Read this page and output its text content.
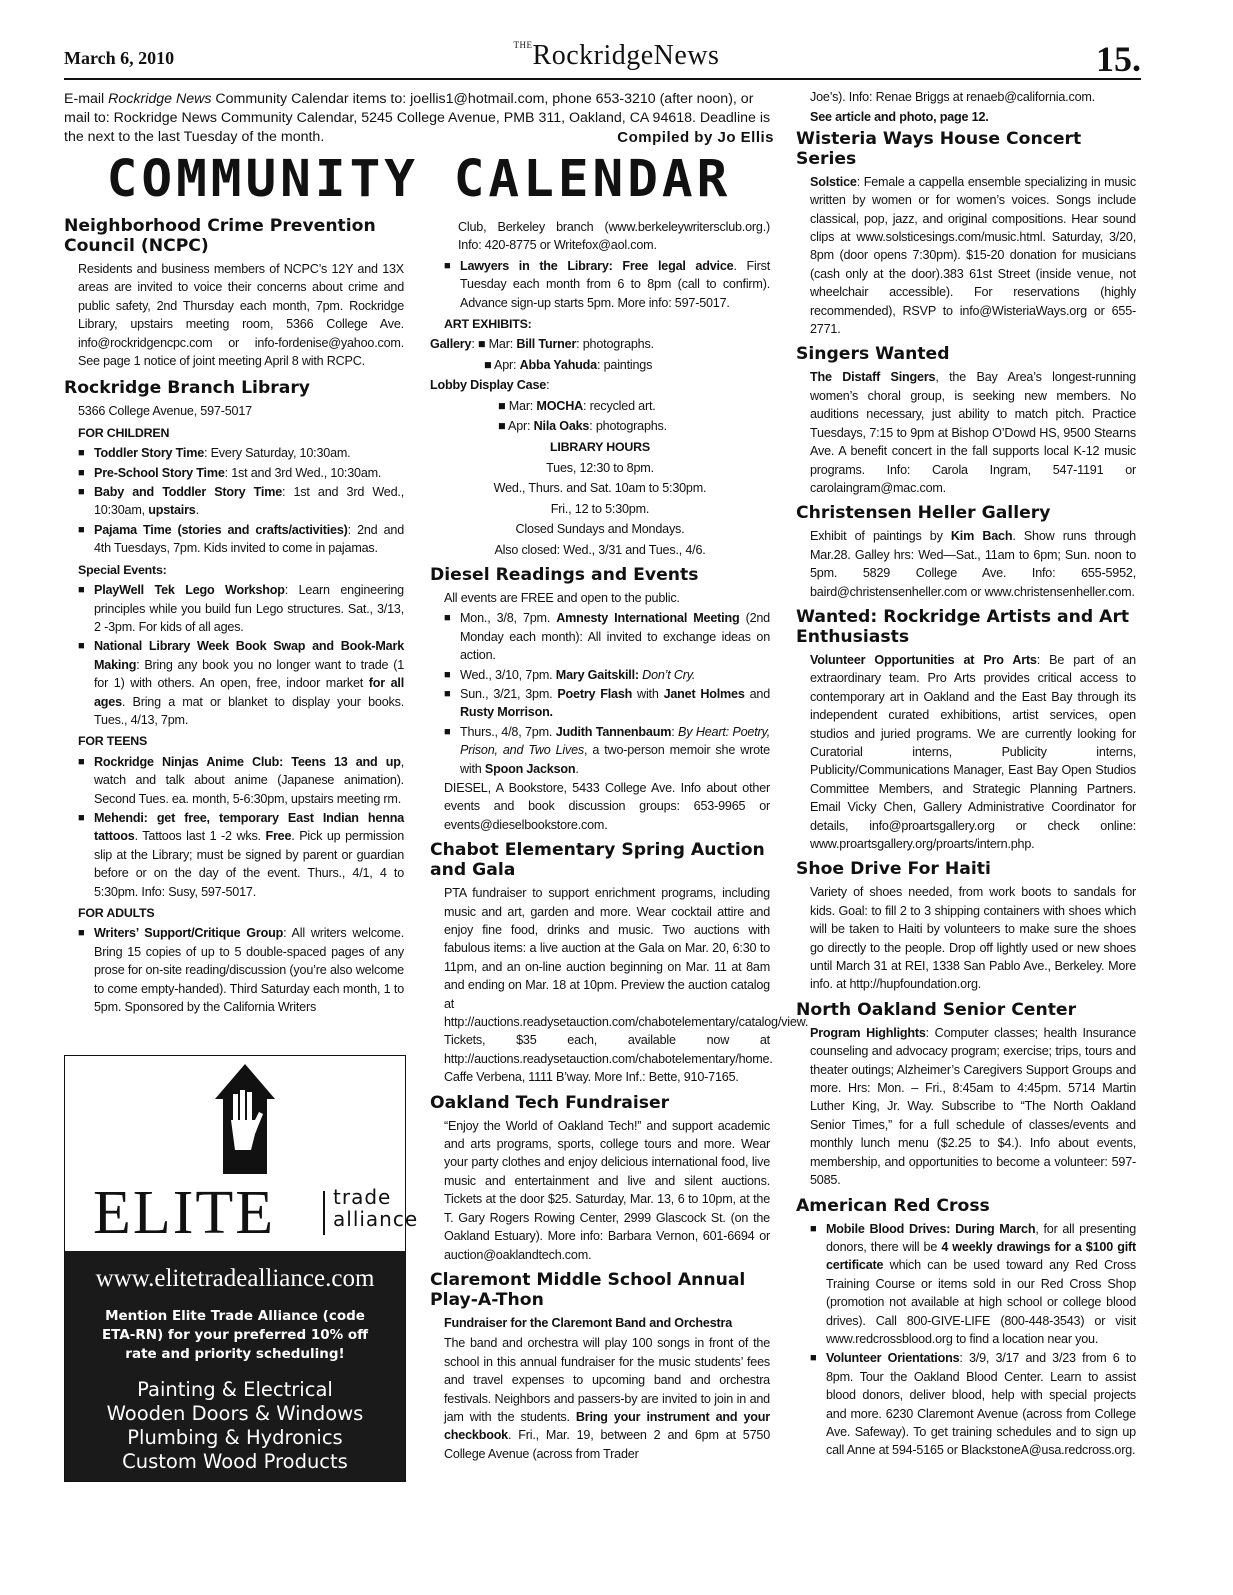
March 6, 2010
$^{THE}$RockridgeNews	15.
E-mail Rockridge News Community Calendar items to: joellis1@hotmail.com, phone 653-3210 (after noon), or mail to: Rockridge News Community Calendar, 5245 College Avenue, PMB 311, Oakland, CA 94618. Deadline is the next to the last Tuesday of the month.	Compiled by Jo Ellis
COMMUNITY CALENDAR
Neighborhood Crime Prevention Council (NCPC)

Residents and business members of NCPC’s 12Y and 13X areas are invited to voice their concerns about crime and public safety, 2nd Thursday each month, 7pm. Rockridge Library, upstairs meeting room, 5366 College Ave. info@rockridgencpc.com or info-fordenise@yahoo.com. See page 1 notice of joint meeting April 8 with RCPC.

Rockridge Branch Library

5366 College Avenue, 597-5017

FOR CHILDREN

■ Toddler Story Time: Every Saturday, 10:30am.
■ Pre-School Story Time: 1st and 3rd Wed., 10:30am.
■ Baby and Toddler Story Time: 1st and 3rd Wed., 10:30am, upstairs.
■ Pajama Time (stories and crafts/activities): 2nd and 4th Tuesdays, 7pm. Kids invited to come in pajamas.

Special Events:

■ PlayWell Tek Lego Workshop: Learn engineering principles while you build fun Lego structures. Sat., 3/13, 2 -3pm. For kids of all ages.
■ National Library Week Book Swap and Book-Mark Making: Bring any book you no longer want to trade (1 for 1) with others. An open, free, indoor market for all ages. Bring a mat or blanket to display your books. Tues., 4/13, 7pm.

FOR TEENS

■ Rockridge Ninjas Anime Club: Teens 13 and up, watch and talk about anime (Japanese animation). Second Tues. ea. month, 5-6:30pm, upstairs meeting rm.
■ Mehendi: get free, temporary East Indian henna tattoos. Tattoos last 1 -2 wks. Free. Pick up permission slip at the Library; must be signed by parent or guardian before or on the day of the event. Thurs., 4/1, 4 to 5:30pm. Info: Susy, 597-5017.

FOR ADULTS

■ Writers’ Support/Critique Group: All writers welcome. Bring 15 copies of up to 5 double-spaced pages of any prose for on-site reading/discussion (you’re also welcome to come empty-handed). Third Saturday each month, 1 to 5pm. Sponsored by the California Writers
ELITE	trade
alliance
www.elitetradealliance.com
Mention Elite Trade Alliance (code ETA-RN) for your preferred 10% off rate and priority scheduling!
Painting & Electrical
Wooden Doors & Windows
Plumbing & Hydronics
Custom Wood Products

Club, Berkeley branch (www.berkeleywritersclub.org.) Info: 420-8775 or Writefox@aol.com.

■ Lawyers in the Library: Free legal advice. First Tuesday each month from 6 to 8pm (call to confirm). Advance sign-up starts 5pm. More info: 597-5017.

ART EXHIBITS:

Gallery: ■ Mar: Bill Turner: photographs.

■ Apr: Abba Yahuda: paintings

Lobby Display Case:

■ Mar: MOCHA: recycled art.

■ Apr: Nila Oaks: photographs.

LIBRARY HOURS

Tues, 12:30 to 8pm.

Wed., Thurs. and Sat. 10am to 5:30pm.

Fri., 12 to 5:30pm.

Closed Sundays and Mondays.

Also closed: Wed., 3/31 and Tues., 4/6.

Diesel Readings and Events

All events are FREE and open to the public.

■ Mon., 3/8, 7pm. Amnesty International Meeting (2nd Monday each month): All invited to exchange ideas on action.
■ Wed., 3/10, 7pm. Mary Gaitskill: Don’t Cry.
■ Sun., 3/21, 3pm. Poetry Flash with Janet Holmes and Rusty Morrison.
■ Thurs., 4/8, 7pm. Judith Tannenbaum: By Heart: Poetry, Prison, and Two Lives, a two-person memoir she wrote with Spoon Jackson.

DIESEL, A Bookstore, 5433 College Ave. Info about other events and book discussion groups: 653-9965 or events@dieselbookstore.com.

Chabot Elementary Spring Auction and Gala

PTA fundraiser to support enrichment programs, including music and art, garden and more. Wear cocktail attire and enjoy fine food, drinks and music. Two auctions with fabulous items: a live auction at the Gala on Mar. 20, 6:30 to 11pm, and an on-line auction beginning on Mar. 11 at 8am and ending on Mar. 18 at 10pm. Preview the auction catalog at http://auctions.readysetauction.com/chabotelementary/catalog/view. Tickets, $35 each, available now at http://auctions.readysetauction.com/chabotelementary/home. Caffe Verbena, 1111 B’way. More Inf.: Bette, 910-7165.

Oakland Tech Fundraiser

“Enjoy the World of Oakland Tech!” and support academic and arts programs, sports, college tours and more. Wear your party clothes and enjoy delicious international food, live music and entertainment and live and silent auctions. Tickets at the door $25. Saturday, Mar. 13, 6 to 10pm, at the T. Gary Rogers Rowing Center, 2999 Glascock St. (on the Oakland Estuary). More info: Barbara Vernon, 601-6694 or auction@oaklandtech.com.

Claremont Middle School Annual Play-A-Thon

Fundraiser for the Claremont Band and Orchestra

The band and orchestra will play 100 songs in front of the school in this annual fundraiser for the music students’ fees and travel expenses to upcoming band and orchestra festivals. Neighbors and passers-by are invited to join in and jam with the students. Bring your instrument and your checkbook. Fri., Mar. 19, between 2 and 6pm at 5750 College Avenue (across from Trader

Joe’s). Info: Renae Briggs at renaeb@california.com.

See article and photo, page 12.

Wisteria Ways House Concert Series

Solstice: Female a cappella ensemble specializing in music written by women or for women’s voices. Songs include classical, pop, jazz, and original compositions. Hear sound clips at www.solsticesings.com/music.html. Saturday, 3/20, 8pm (door opens 7:30pm). $15-20 donation for musicians (cash only at the door).383 61st Street (inside venue, not wheelchair accessible). For reservations (highly recommended), RSVP to info@WisteriaWays.org or 655-2771.

Singers Wanted

The Distaff Singers, the Bay Area’s longest-running women’s choral group, is seeking new members. No auditions necessary, just ability to match pitch. Practice Tuesdays, 7:15 to 9pm at Bishop O’Dowd HS, 9500 Stearns Ave. A benefit concert in the fall supports local K-12 music programs. Info: Carola Ingram, 547-1191 or carolaingram@mac.com.

Christensen Heller Gallery

Exhibit of paintings by Kim Bach. Show runs through Mar.28. Galley hrs: Wed—Sat., 11am to 6pm; Sun. noon to 5pm. 5829 College Ave. Info: 655-5952, baird@christensenheller.com or www.christensenheller.com.

Wanted: Rockridge Artists and Art Enthusiasts

Volunteer Opportunities at Pro Arts: Be part of an extraordinary team. Pro Arts provides critical access to contemporary art in Oakland and the East Bay through its independent curated exhibitions, artist services, open studios and juried programs. We are currently looking for Curatorial interns, Publicity interns, Publicity/Communications Manager, East Bay Open Studios Committee Members, and Strategic Planning Partners. Email Vicky Chen, Gallery Administrative Coordinator for details, info@proartsgallery.org or check online: www.proartsgallery.org/proarts/intern.php.

Shoe Drive For Haiti

Variety of shoes needed, from work boots to sandals for kids. Goal: to fill 2 to 3 shipping containers with shoes which will be taken to Haiti by volunteers to make sure the shoes go directly to the people. Drop off lightly used or new shoes until March 31 at REI, 1338 San Pablo Ave., Berkeley. More info. at http://hupfoundation.org.

North Oakland Senior Center

Program Highlights: Computer classes; health Insurance counseling and advocacy program; exercise; trips, tours and theater outings; Alzheimer’s Caregivers Support Groups and more. Hrs: Mon. – Fri., 8:45am to 4:45pm. 5714 Martin Luther King, Jr. Way. Subscribe to “The North Oakland Senior Times,” for a full schedule of classes/events and monthly lunch menu ($2.25 to $4.). Info about events, membership, and opportunities to become a volunteer: 597- 5085.

American Red Cross
■ Mobile Blood Drives: During March, for all presenting donors, there will be 4 weekly drawings for a $100 gift certificate which can be used toward any Red Cross Training Course or items sold in our Red Cross Shop (promotion not available at high school or college blood drives). Call 800-GIVE-LIFE (800-448-3543) or visit www.redcrossblood.org to find a location near you.
■ Volunteer Orientations: 3/9, 3/17 and 3/23 from 6 to 8pm. Tour the Oakland Blood Center. Learn to assist blood donors, deliver blood, help with special projects and more. 6230 Claremont Avenue (across from College Ave. Safeway). To get training schedules and to sign up call Anne at 594-5165 or BlackstoneA@usa.redcross.org.
